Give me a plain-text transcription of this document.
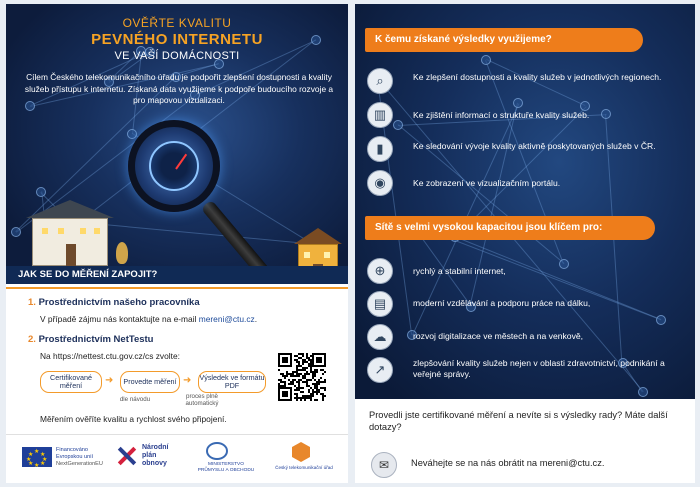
OVĚŘTE KVALITU
PEVNÉHO INTERNETU
VE VAŠÍ DOMÁCNOSTI
Cílem Českého telekomunikačního úřadu je podpořit zlepšení dostupnosti a kvality služeb přístupu k internetu. Získaná data využijeme k podpoře budoucího rozvoje a pro mapovou vizualizaci.
JAK SE DO MĚŘENÍ ZAPOJIT?
1. Prostřednictvím našeho pracovníka
V případě zájmu nás kontaktujte na e-mail mereni@ctu.cz.
2. Prostřednictvím NetTestu
Na https://nettest.ctu.gov.cz/cs zvolte:
Certifikované měření	➜	Provedte měření ➜ Výsledek ve formátu PDF
dle návodu	proces plně automatický
Měřením ověříte kvalitu a rychlost svého připojení.
★
★ ★
★ ★
★ ★
★
Financováno Evropskou unií
NextGenerationEU
Národní plán obnovy	MINISTERSTVO PRŮMYSLU A OBCHODU
Český telekomunikační úřad
K čemu získané výsledky využijeme?
⌕	Ke zlepšení dostupnosti a kvality služeb v jednotlivých regionech.
▥	Ke zjištění informací o struktuře kvality služeb.
▮	Ke sledování vývoje kvality aktivně poskytovaných služeb v ČR.
◉	Ke zobrazení ve vizualizačním portálu.
Sítě s velmi vysokou kapacitou jsou klíčem pro:
⊕	rychlý a stabilní internet,
▤	moderní vzdělávání a podporu práce na dálku,
☁	rozvoj digitalizace ve městech a na venkově,
↗	zlepšování kvality služeb nejen v oblasti zdravotnictví, podnikání a veřejné správy.
Provedli jste certifikované měření a nevíte si s výsledky rady? Máte další dotazy?
✉	Neváhejte se na nás obrátit na mereni@ctu.cz.
